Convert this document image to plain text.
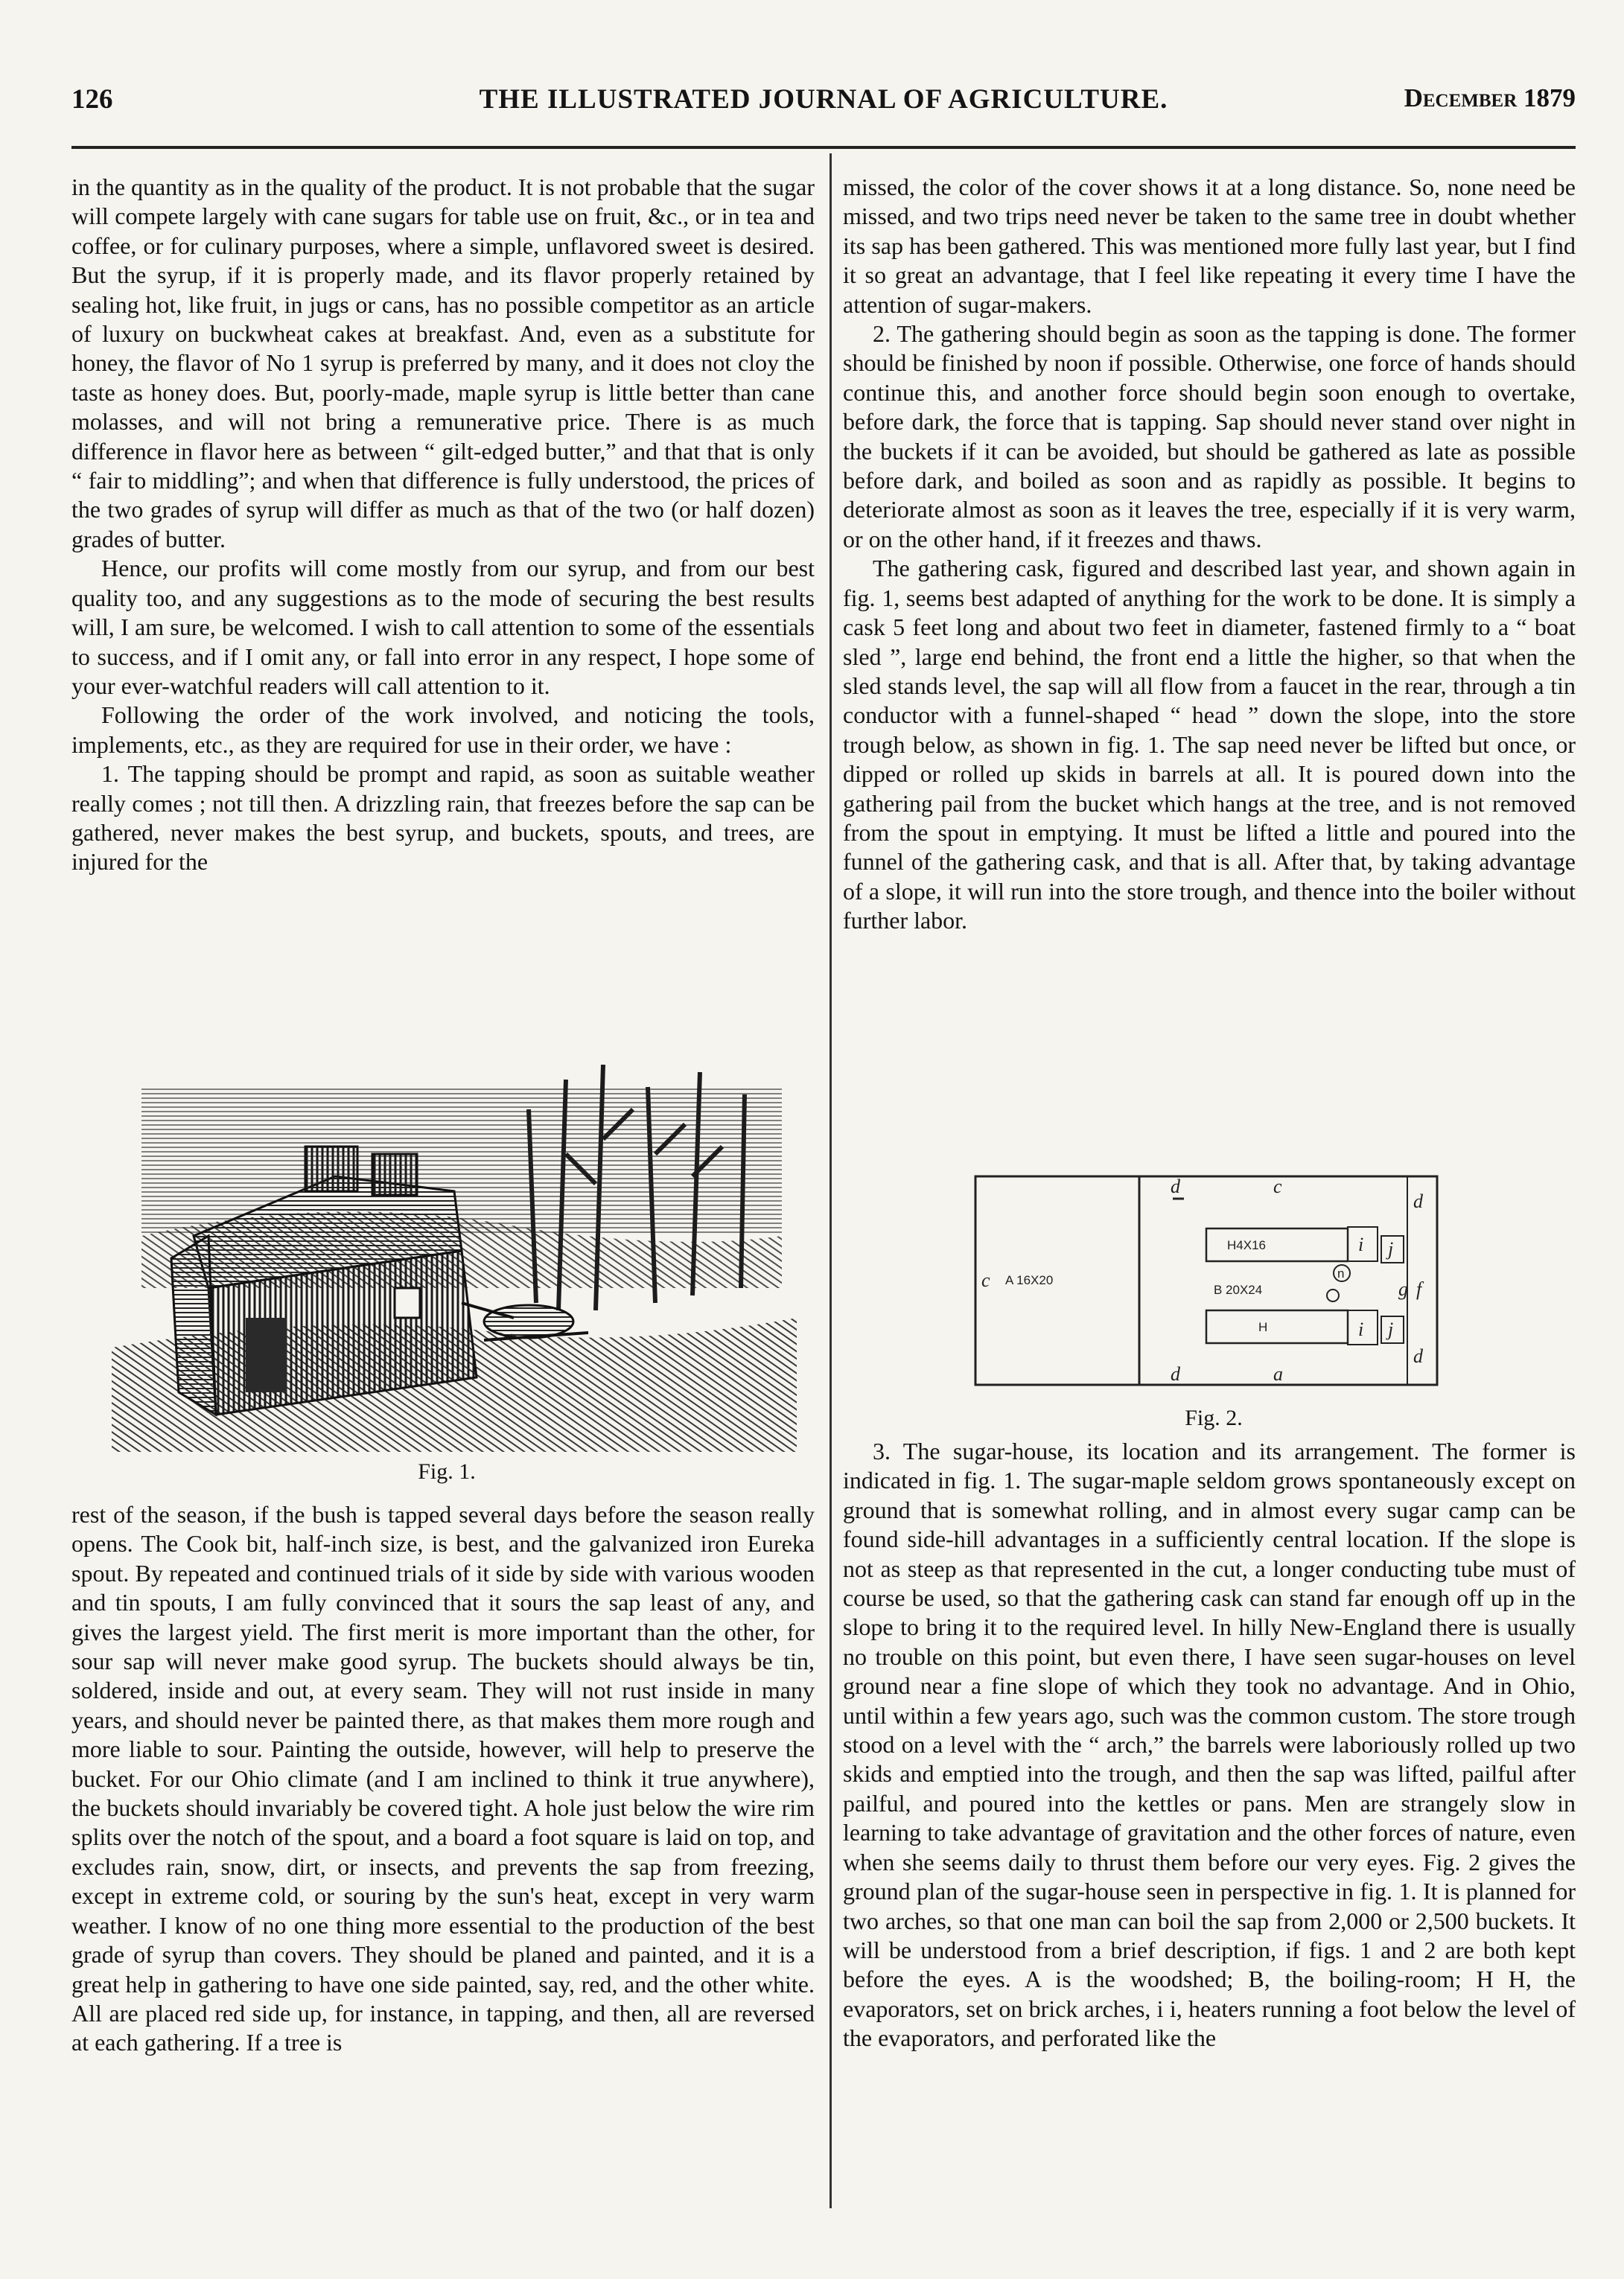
126	THE ILLUSTRATED JOURNAL OF AGRICULTURE.	December 1879

in the quantity as in the quality of the product. It is not probable that the sugar will compete largely with cane sugars for table use on fruit, &c., or in tea and coffee, or for culinary purposes, where a simple, unflavored sweet is desired. But the syrup, if it is properly made, and its flavor properly retained by sealing hot, like fruit, in jugs or cans, has no possible competitor as an article of luxury on buckwheat cakes at breakfast. And, even as a substitute for honey, the flavor of No 1 syrup is preferred by many, and it does not cloy the taste as honey does. But, poorly-made, maple syrup is little better than cane molasses, and will not bring a remunerative price. There is as much difference in flavor here as between “ gilt-edged butter,” and that that is only “ fair to middling”; and when that difference is fully understood, the prices of the two grades of syrup will differ as much as that of the two (or half dozen) grades of butter.

Hence, our profits will come mostly from our syrup, and from our best quality too, and any suggestions as to the mode of securing the best results will, I am sure, be welcomed. I wish to call attention to some of the essentials to success, and if I omit any, or fall into error in any respect, I hope some of your ever-watchful readers will call attention to it.

Following the order of the work involved, and noticing the tools, implements, etc., as they are required for use in their order, we have :

1. The tapping should be prompt and rapid, as soon as suitable weather really comes ; not till then. A drizzling rain, that freezes before the sap can be gathered, never makes the best syrup, and buckets, spouts, and trees, are injured for the

Fig. 1.

rest of the season, if the bush is tapped several days before the season really opens. The Cook bit, half-inch size, is best, and the galvanized iron Eureka spout. By repeated and continued trials of it side by side with various wooden and tin spouts, I am fully convinced that it sours the sap least of any, and gives the largest yield. The first merit is more important than the other, for sour sap will never make good syrup. The buckets should always be tin, soldered, inside and out, at every seam. They will not rust inside in many years, and should never be painted there, as that makes them more rough and more liable to sour. Painting the outside, however, will help to preserve the bucket. For our Ohio climate (and I am inclined to think it true anywhere), the buckets should invariably be covered tight. A hole just below the wire rim splits over the notch of the spout, and a board a foot square is laid on top, and excludes rain, snow, dirt, or insects, and prevents the sap from freezing, except in extreme cold, or souring by the sun's heat, except in very warm weather. I know of no one thing more essential to the production of the best grade of syrup than covers. They should be planed and painted, and it is a great help in gathering to have one side painted, say, red, and the other white. All are placed red side up, for instance, in tapping, and then, all are reversed at each gathering. If a tree is

missed, the color of the cover shows it at a long distance. So, none need be missed, and two trips need never be taken to the same tree in doubt whether its sap has been gathered. This was mentioned more fully last year, but I find it so great an advantage, that I feel like repeating it every time I have the attention of sugar-makers.

2. The gathering should begin as soon as the tapping is done. The former should be finished by noon if possible. Otherwise, one force of hands should continue this, and another force should begin soon enough to overtake, before dark, the force that is tapping. Sap should never stand over night in the buckets if it can be avoided, but should be gathered as late as possible before dark, and boiled as soon and as rapidly as possible. It begins to deteriorate almost as soon as it leaves the tree, especially if it is very warm, or on the other hand, if it freezes and thaws.

The gathering cask, figured and described last year, and shown again in fig. 1, seems best adapted of anything for the work to be done. It is simply a cask 5 feet long and about two feet in diameter, fastened firmly to a “ boat sled ”, large end behind, the front end a little the higher, so that when the sled stands level, the sap will all flow from a faucet in the rear, through a tin conductor with a funnel-shaped “ head ” down the slope, into the store trough below, as shown in fig. 1. The sap need never be lifted but once, or dipped or rolled up skids in barrels at all. It is poured down into the gathering pail from the bucket which hangs at the tree, and is not removed from the spout in emptying. It must be lifted a little and poured into the funnel of the gathering cask, and that is all. After that, by taking advantage of a slope, it will run into the store trough, and thence into the boiler without further labor.

H4X16
H
A 16X20
B 20X24
c
c
d
d
d
d
a
f
j
j
i
i
n
g
Fig. 2.

3. The sugar-house, its location and its arrangement. The former is indicated in fig. 1. The sugar-maple seldom grows spontaneously except on ground that is somewhat rolling, and in almost every sugar camp can be found side-hill advantages in a sufficiently central location. If the slope is not as steep as that represented in the cut, a longer conducting tube must of course be used, so that the gathering cask can stand far enough off up in the slope to bring it to the required level. In hilly New-England there is usually no trouble on this point, but even there, I have seen sugar-houses on level ground near a fine slope of which they took no advantage. And in Ohio, until within a few years ago, such was the common custom. The store trough stood on a level with the “ arch,” the barrels were laboriously rolled up two skids and emptied into the trough, and then the sap was lifted, pailful after pailful, and poured into the kettles or pans. Men are strangely slow in learning to take advantage of gravitation and the other forces of nature, even when she seems daily to thrust them before our very eyes. Fig. 2 gives the ground plan of the sugar-house seen in perspective in fig. 1. It is planned for two arches, so that one man can boil the sap from 2,000 or 2,500 buckets. It will be understood from a brief description, if figs. 1 and 2 are both kept before the eyes. A is the woodshed; B, the boiling-room; H H, the evaporators, set on brick arches, i i, heaters running a foot below the level of the evaporators, and perforated like the
